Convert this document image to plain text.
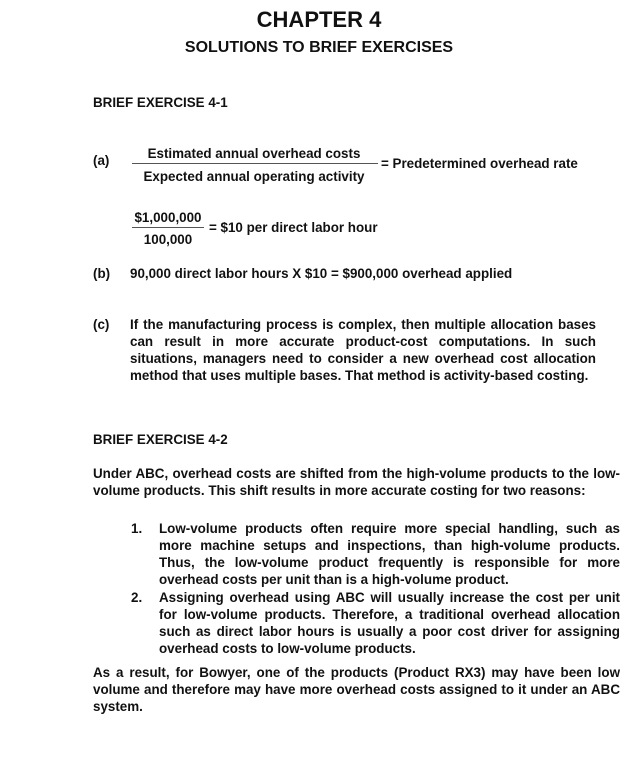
CHAPTER 4
SOLUTIONS TO BRIEF EXERCISES
BRIEF EXERCISE 4-1
(a)	Estimated annual overhead costs
Expected annual operating activity
= Predetermined overhead rate
$1,000,000
100,000
= $10 per direct labor hour
(b) 90,000 direct labor hours X $10 = $900,000 overhead applied
(c) If the manufacturing process is complex, then multiple allocation bases can result in more accurate product-cost computations. In such situations, managers need to consider a new overhead cost allocation method that uses multiple bases. That method is activity-based costing.
BRIEF EXERCISE 4-2
Under ABC, overhead costs are shifted from the high-volume products to the low-volume products. This shift results in more accurate costing for two reasons:
1. Low-volume products often require more special handling, such as more machine setups and inspections, than high-volume products. Thus, the low-volume product frequently is responsible for more overhead costs per unit than is a high-volume product.
2. Assigning overhead using ABC will usually increase the cost per unit for low-volume products. Therefore, a traditional overhead allocation such as direct labor hours is usually a poor cost driver for assigning overhead costs to low-volume products.
As a result, for Bowyer, one of the products (Product RX3) may have been low volume and therefore may have more overhead costs assigned to it under an ABC system.
